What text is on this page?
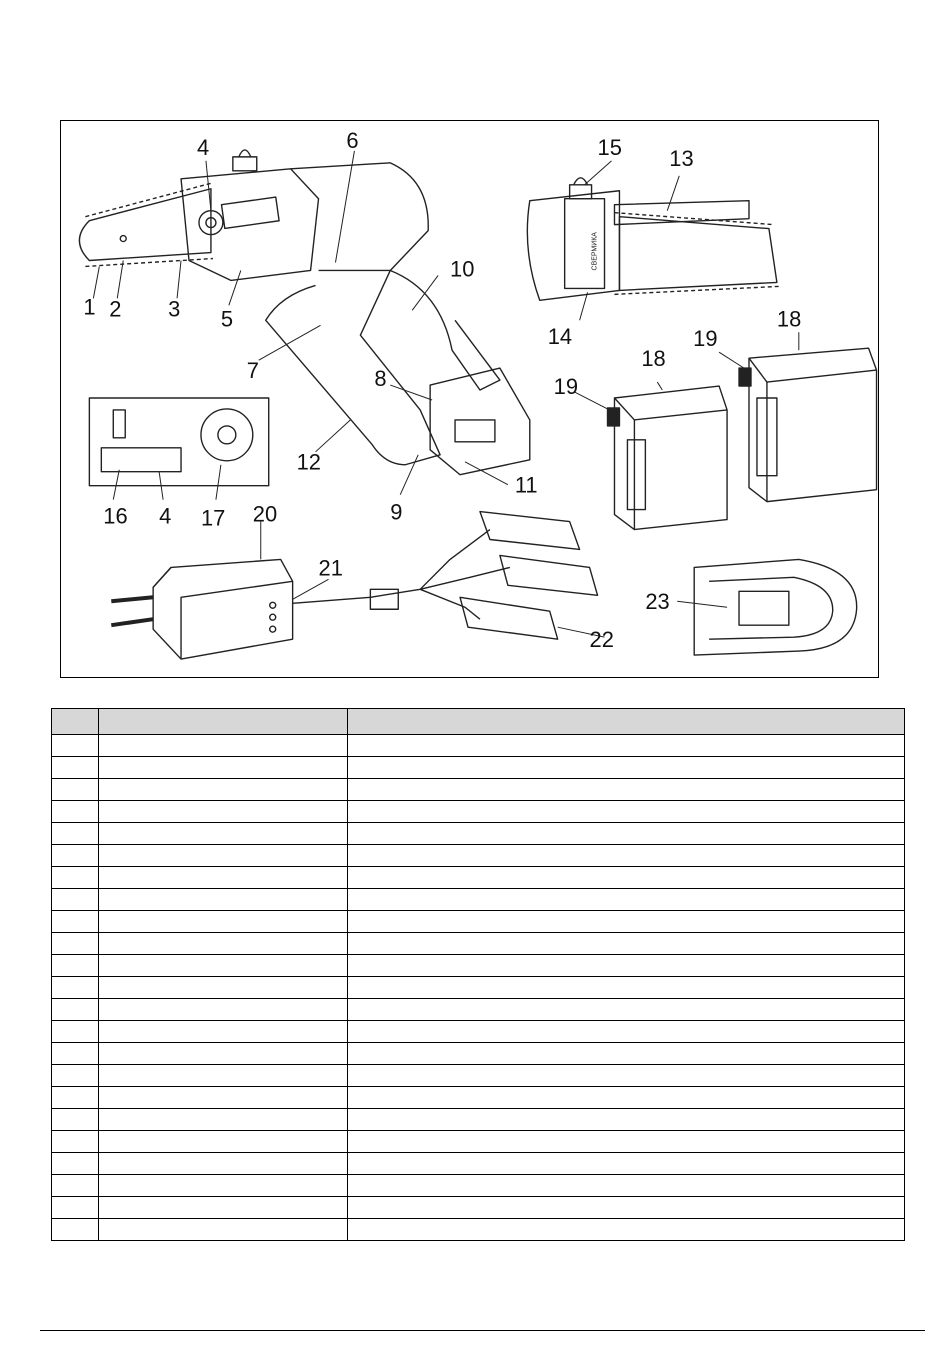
1 2 3
4
5
6
7	8
9
10
11
12
13
14
15
16 4 17
18
19
18
19
20
21
22
23
СВЕРМИКА
